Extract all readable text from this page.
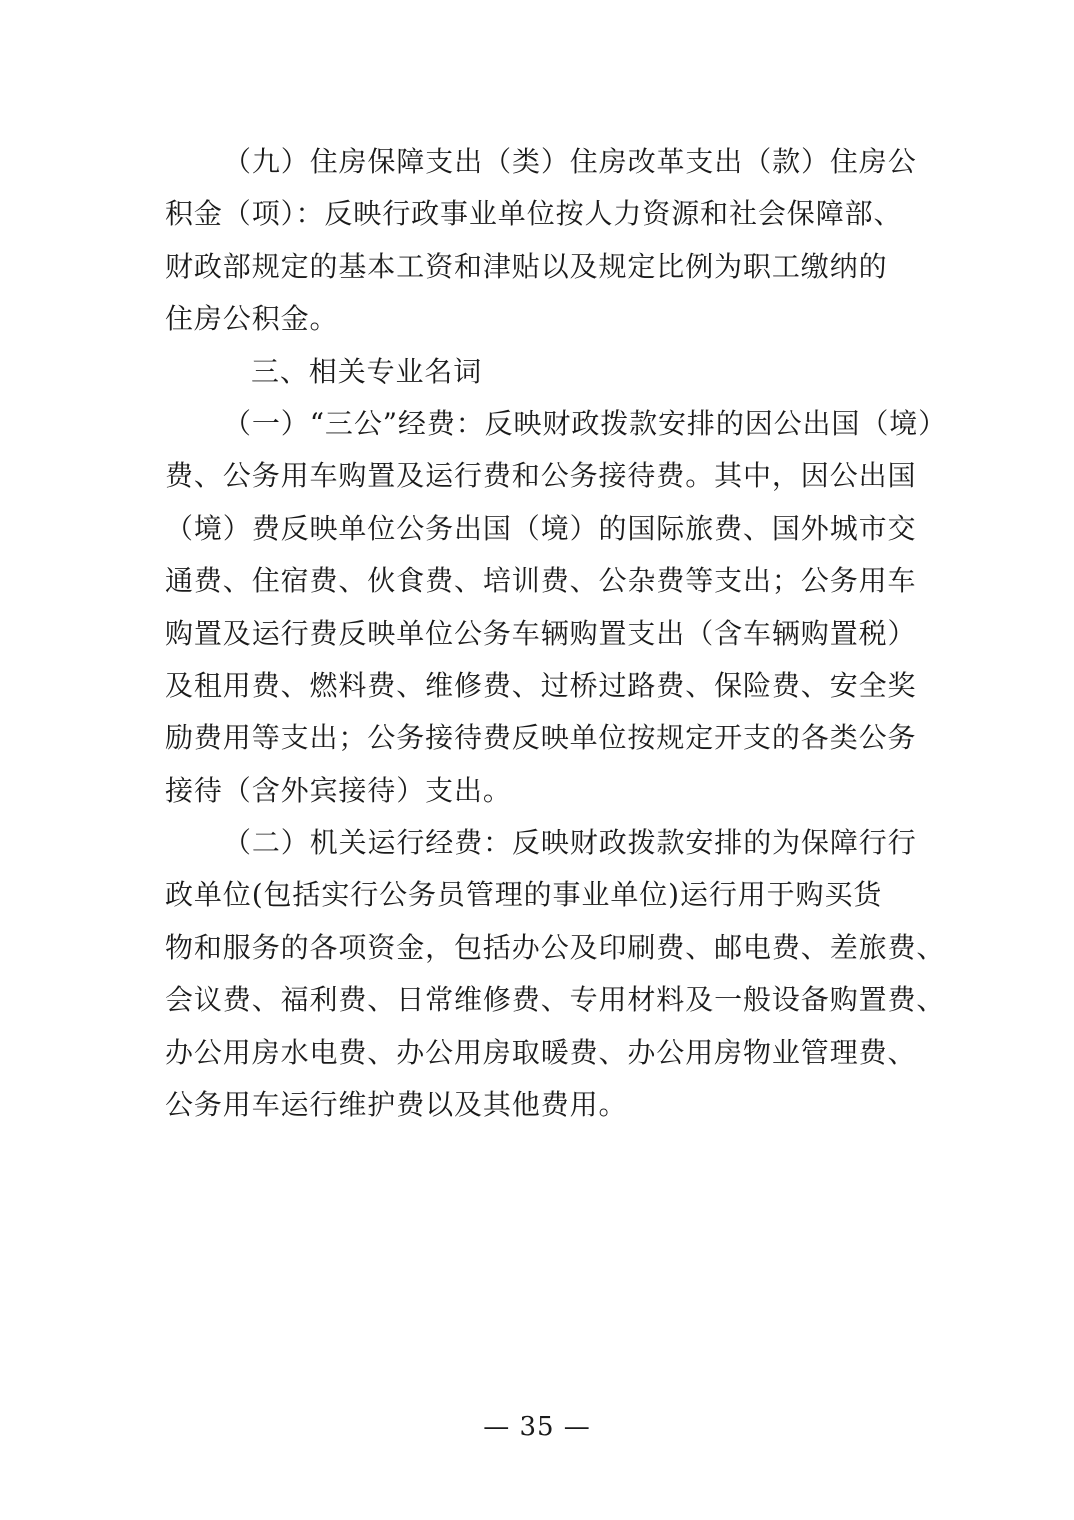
（九）住房保障支出（类）住房改革支出（款）住房公
积金（项）：反映行政事业单位按人力资源和社会保障部、
财政部规定的基本工资和津贴以及规定比例为职工缴纳的
住房公积金。
三、相关专业名词
（一）“三公”经费：反映财政拨款安排的因公出国（境）
费、公务用车购置及运行费和公务接待费。其中，因公出国
（境）费反映单位公务出国（境）的国际旅费、国外城市交
通费、住宿费、伙食费、培训费、公杂费等支出；公务用车
购置及运行费反映单位公务车辆购置支出（含车辆购置税）
及租用费、燃料费、维修费、过桥过路费、保险费、安全奖
励费用等支出；公务接待费反映单位按规定开支的各类公务
接待（含外宾接待）支出。
（二）机关运行经费：反映财政拨款安排的为保障行行
政单位(包括实行公务员管理的事业单位)运行用于购买货
物和服务的各项资金，包括办公及印刷费、邮电费、差旅费、
会议费、福利费、日常维修费、专用材料及一般设备购置费、
办公用房水电费、办公用房取暖费、办公用房物业管理费、
公务用车运行维护费以及其他费用。
— 35 —
